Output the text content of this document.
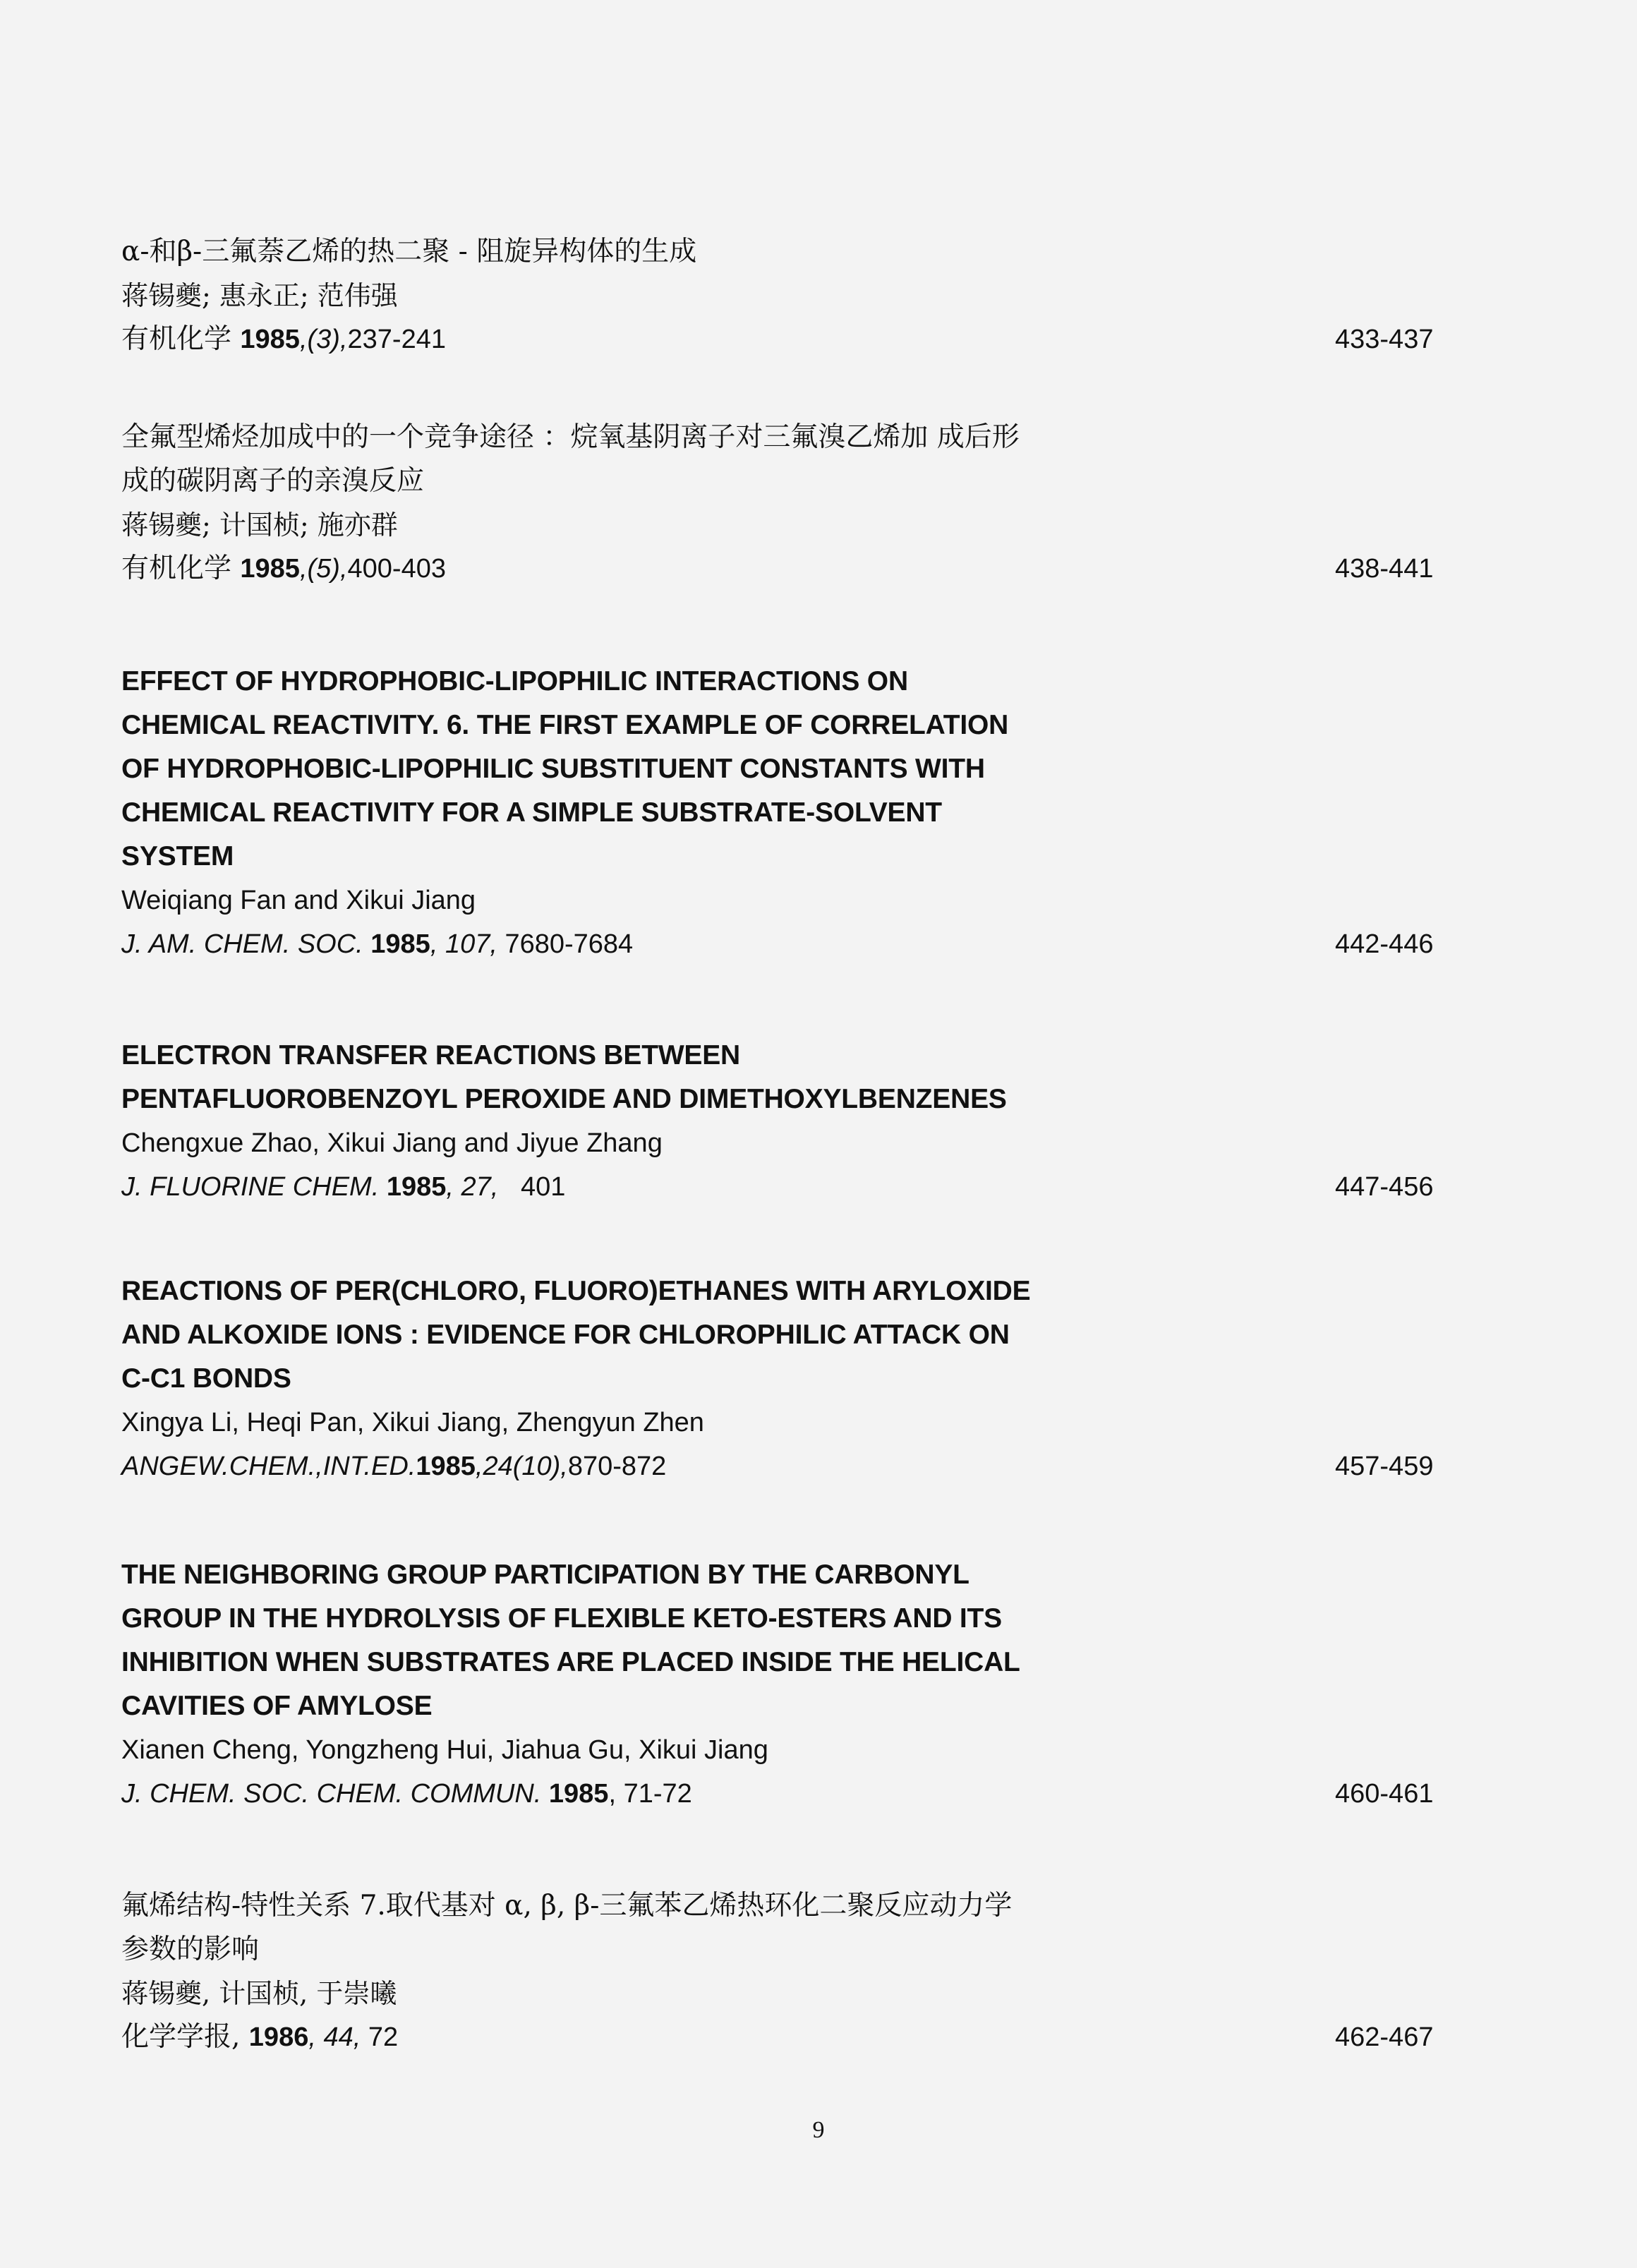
α-和β-三氟萘乙烯的热二聚 - 阻旋异构体的生成
蒋锡夔; 惠永正; 范伟强
有机化学 1985,(3),237-241	433-437
全氟型烯烃加成中的一个竞争途径 ：烷氧基阴离子对三氟溴乙烯加 成后形
成的碳阴离子的亲溴反应
蒋锡夔; 计国桢; 施亦群
有机化学 1985,(5),400-403	438-441
EFFECT OF HYDROPHOBIC-LIPOPHILIC INTERACTIONS ON
CHEMICAL REACTIVITY. 6. THE FIRST EXAMPLE OF CORRELATION
OF HYDROPHOBIC-LIPOPHILIC SUBSTITUENT CONSTANTS WITH
CHEMICAL REACTIVITY FOR A SIMPLE SUBSTRATE-SOLVENT
SYSTEM
Weiqiang Fan and Xikui Jiang
J. AM. CHEM. SOC. 1985, 107, 7680-7684	442-446
ELECTRON TRANSFER REACTIONS BETWEEN
PENTAFLUOROBENZOYL PEROXIDE AND DIMETHOXYLBENZENES
Chengxue Zhao, Xikui Jiang and Jiyue Zhang
J. FLUORINE CHEM. 1985, 27,   401	447-456
REACTIONS OF PER(CHLORO, FLUORO)ETHANES WITH ARYLOXIDE
AND ALKOXIDE IONS : EVIDENCE FOR CHLOROPHILIC ATTACK ON
C-C1 BONDS
Xingya Li, Heqi Pan, Xikui Jiang, Zhengyun Zhen
ANGEW.CHEM.,INT.ED.1985,24(10),870-872	457-459
THE NEIGHBORING GROUP PARTICIPATION BY THE CARBONYL
GROUP IN THE HYDROLYSIS OF FLEXIBLE KETO-ESTERS AND ITS
INHIBITION WHEN SUBSTRATES ARE PLACED INSIDE THE HELICAL
CAVITIES OF AMYLOSE
Xianen Cheng, Yongzheng Hui, Jiahua Gu, Xikui Jiang
J. CHEM. SOC. CHEM. COMMUN. 1985, 71-72	460-461
氟烯结构-特性关系 7.取代基对 α, β, β-三氟苯乙烯热环化二聚反应动力学
参数的影响
蒋锡夔, 计国桢, 于崇曦
化学学报, 1986, 44, 72	462-467
9
